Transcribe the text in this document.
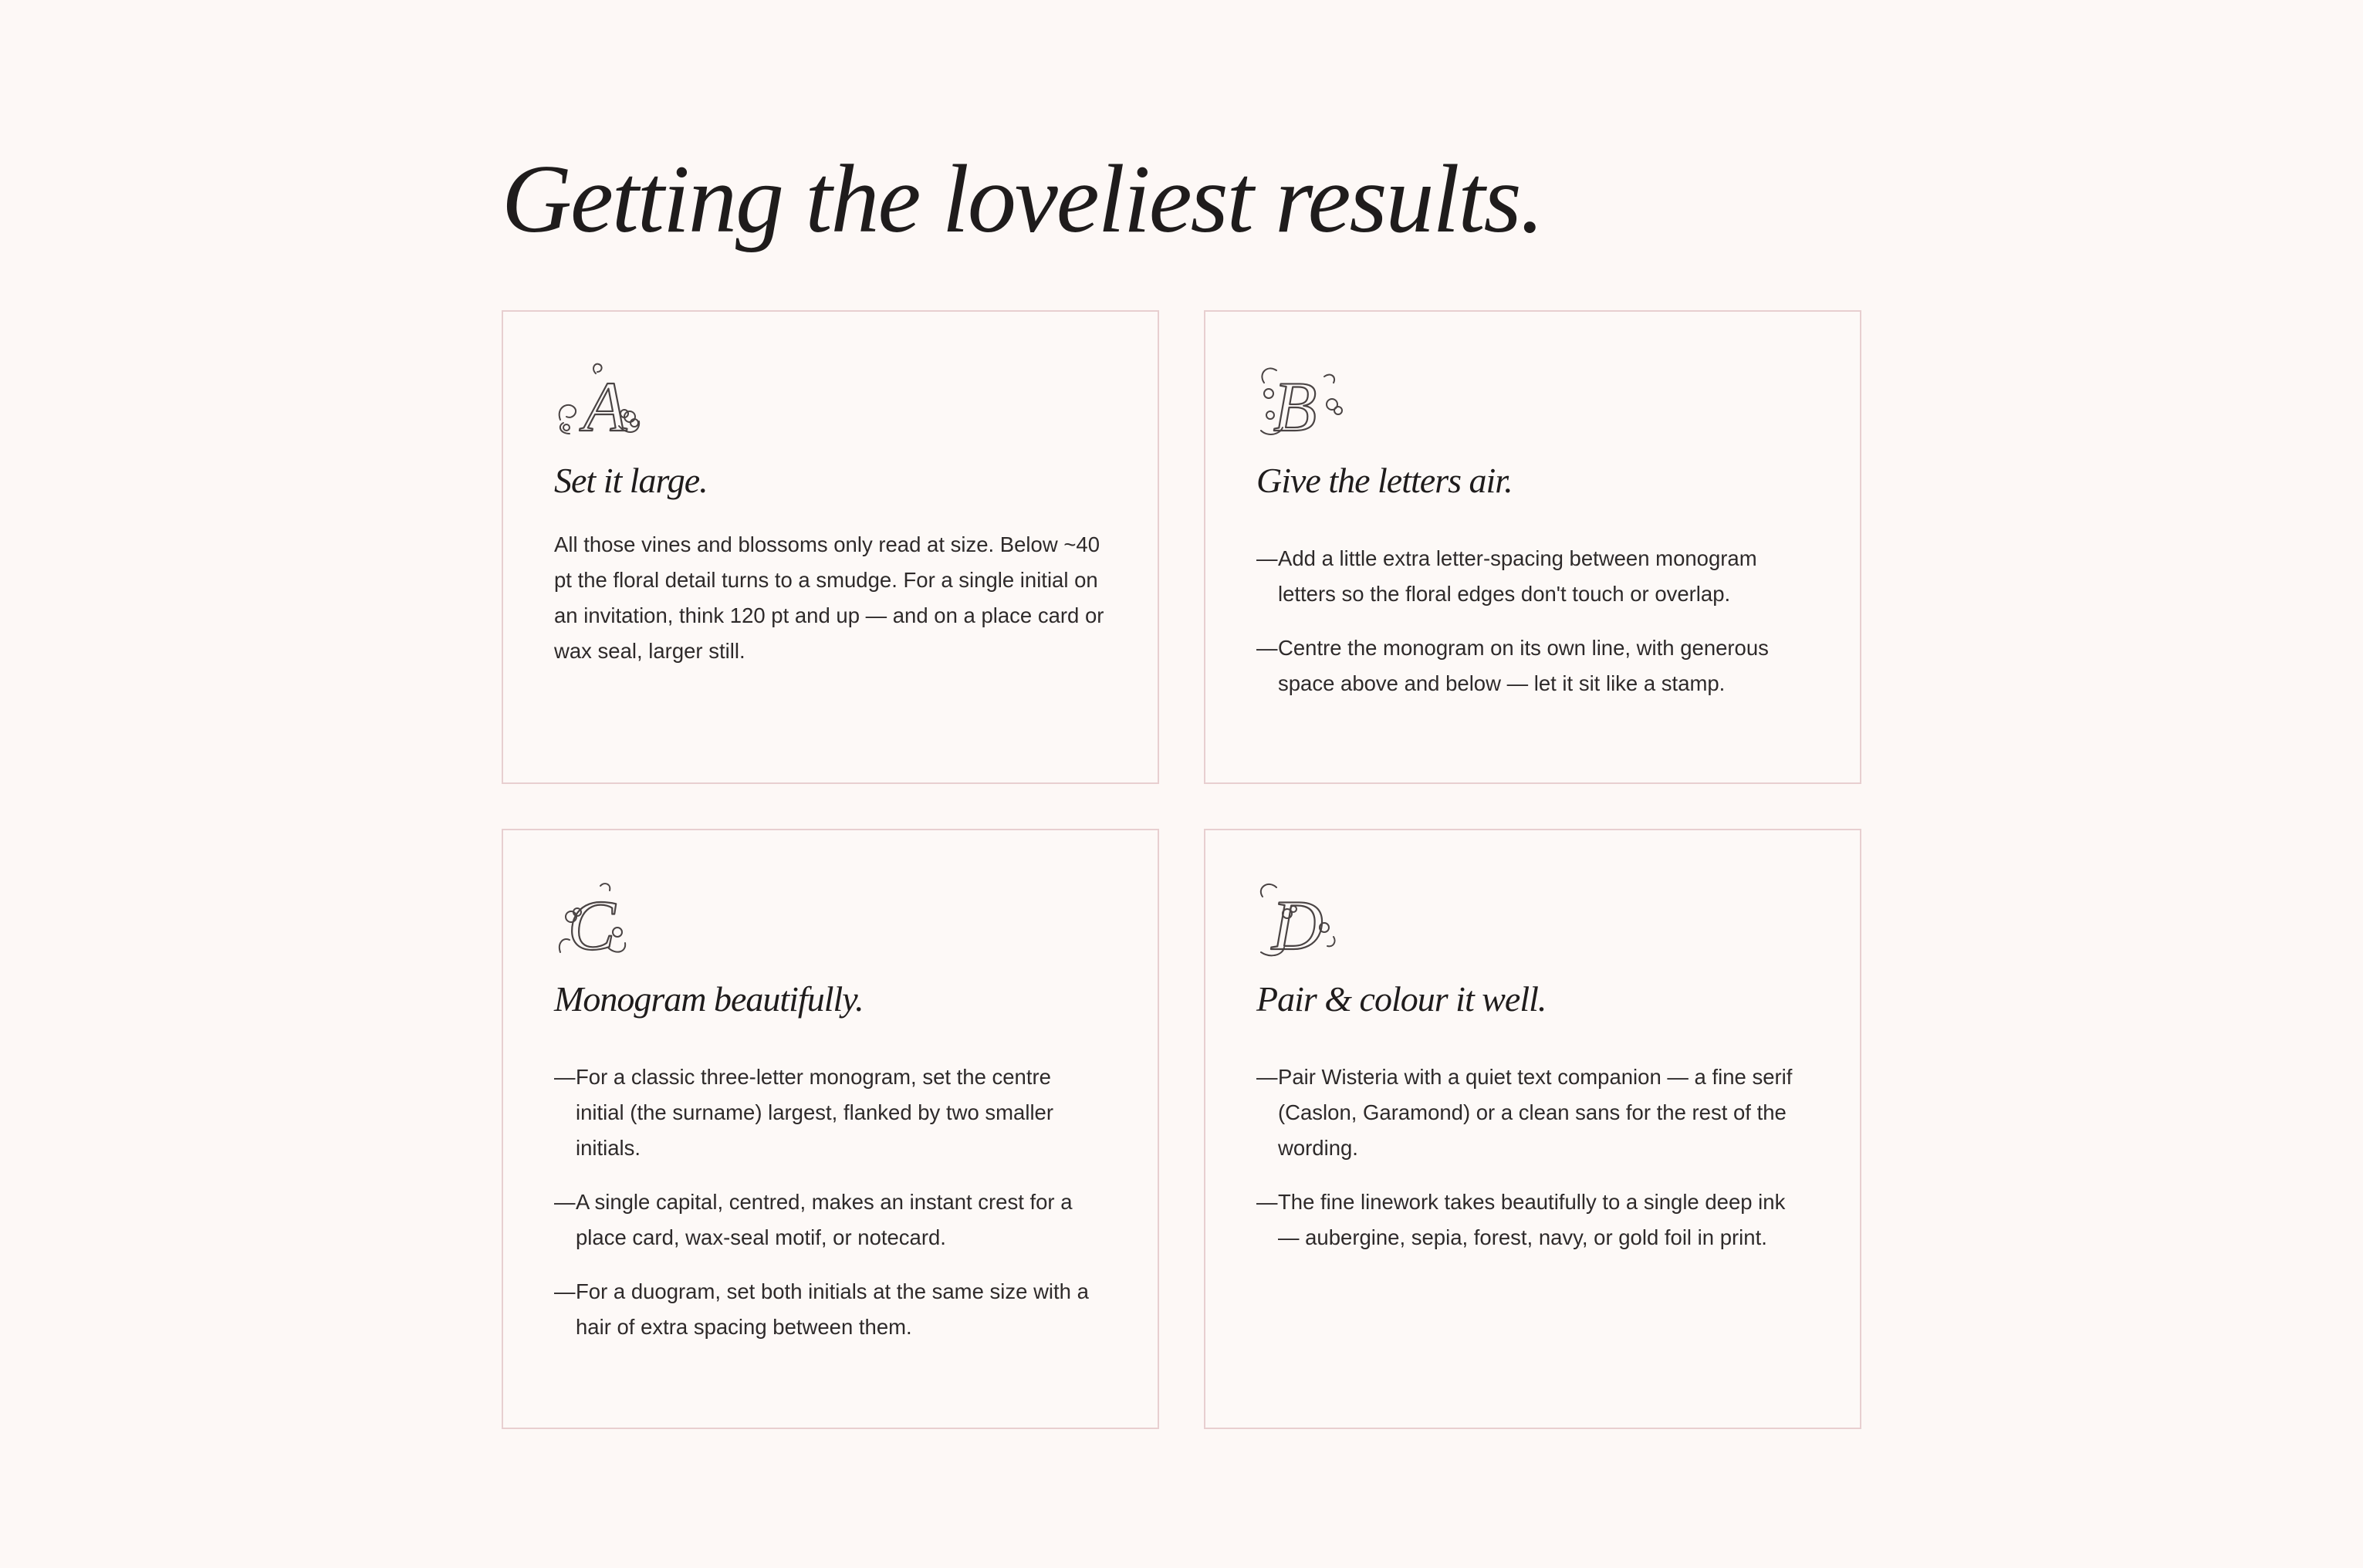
Getting the loveliest results.
A
Set it large.

All those vines and blossoms only read at size. Below ~40 pt the floral detail turns to a smudge. For a single initial on an invitation, think 120 pt and up — and on a place card or wax seal, larger still.

B
Give the letters air.
— Add a little extra letter-spacing between monogram letters so the floral edges don't touch or overlap.
— Centre the monogram on its own line, with generous space above and below — let it sit like a stamp.
C
Monogram beautifully.
— For a classic three-letter monogram, set the centre initial (the surname) largest, flanked by two smaller initials.
— A single capital, centred, makes an instant crest for a place card, wax-seal motif, or notecard.
— For a duogram, set both initials at the same size with a hair of extra spacing between them.
D
Pair & colour it well.
— Pair Wisteria with a quiet text companion — a fine serif (Caslon, Garamond) or a clean sans for the rest of the wording.
— The fine linework takes beautifully to a single deep ink — aubergine, sepia, forest, navy, or gold foil in print.
